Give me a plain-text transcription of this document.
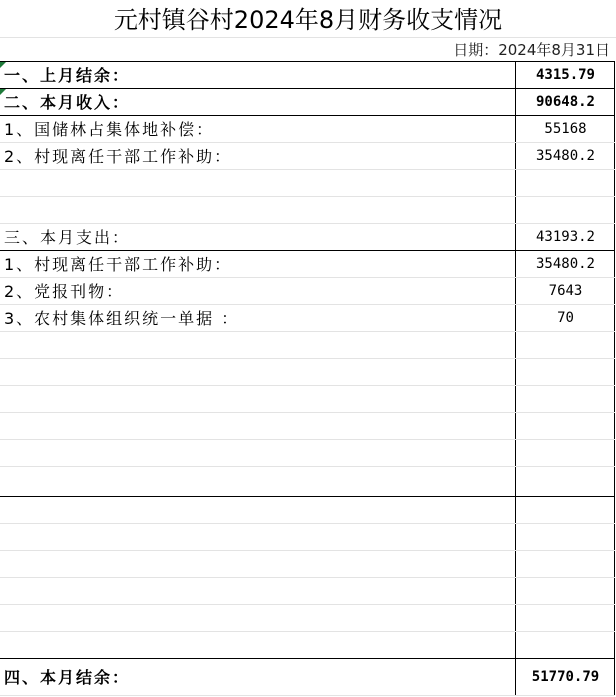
元村镇谷村2024年8月财务收支情况
日期：2024年8月31日
一、上月结余：	4315.79
二、本月收入：	90648.2
1、国储林占集体地补偿：	55168
2、村现离任干部工作补助：	35480.2
三、本月支出：	43193.2
1、村现离任干部工作补助：	35480.2
2、党报刊物：	7643
3、农村集体组织统一单据 ：	70
四、本月结余：	51770.79
